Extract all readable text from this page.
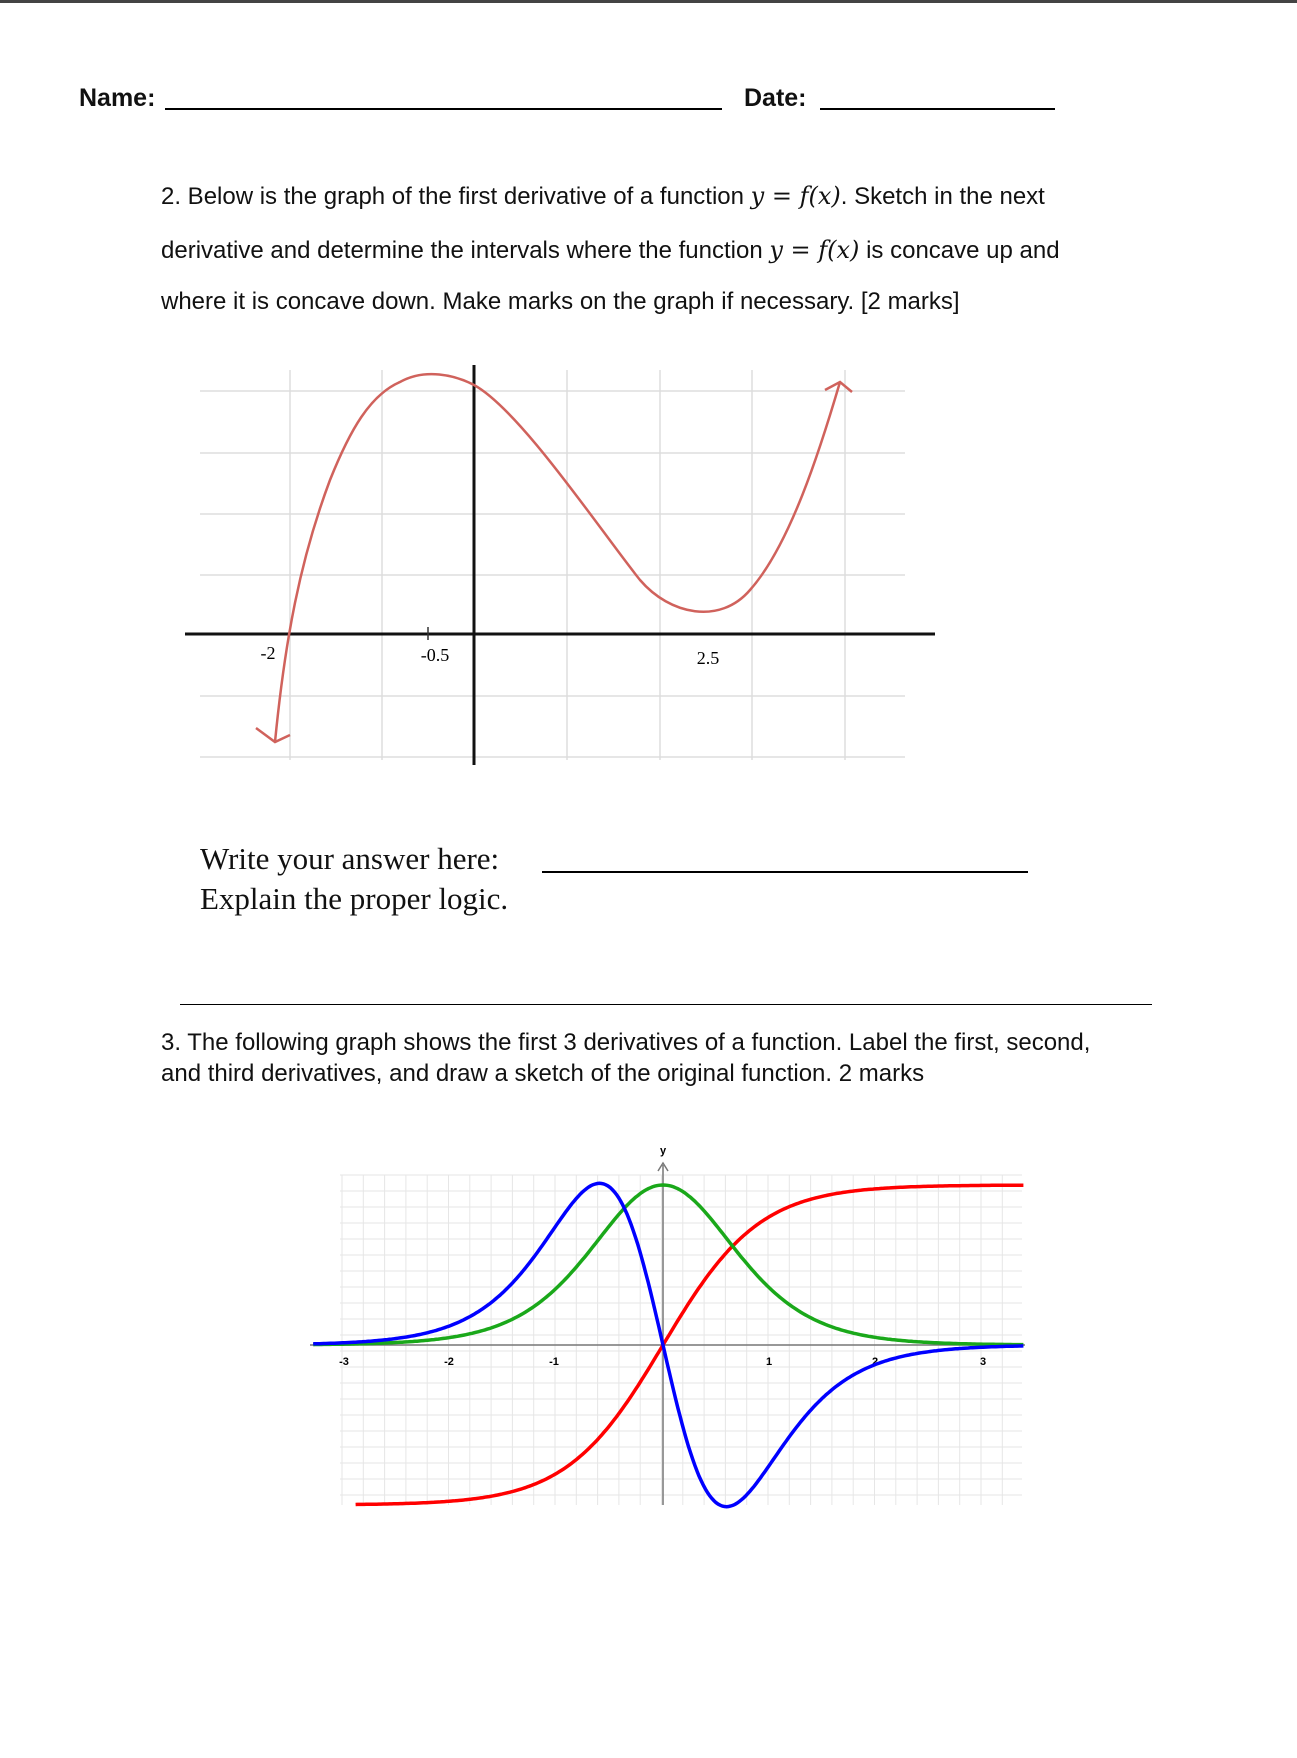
Name:	Date:
2. Below is the graph of the first derivative of a function y = f(x). Sketch in the next
derivative and determine the intervals where the function y = f(x) is concave up and
where it is concave down. Make marks on the graph if necessary. [2 marks]
-2	-0.5	2.5
Write your answer here:
Explain the proper logic.
3. The following graph shows the first 3 derivatives of a function. Label the first, second,
and third derivatives, and draw a sketch of the original function. 2 marks
y
-3	-2	-1	1	2	3
